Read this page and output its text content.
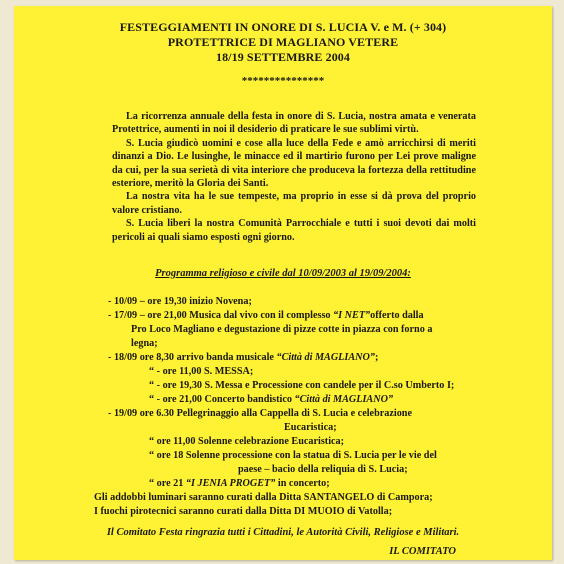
FESTEGGIAMENTI IN ONORE DI S. LUCIA V. e M. (+ 304)
PROTETTRICE DI MAGLIANO VETERE
18/19 SETTEMBRE 2004
***************

La ricorrenza annuale della festa in onore di S. Lucia, nostra amata e venerata Protettrice, aumenti in noi il desiderio di praticare le sue sublimi virtù.

S. Lucia giudicò uomini e cose alla luce della Fede e amò arricchirsi di meriti dinanzi a Dio. Le lusinghe, le minacce ed il martirio furono per Lei prove maligne da cui, per la sua serietà di vita interiore che produceva la fortezza della rettitudine esteriore, meritò la Gloria dei Santi.

La nostra vita ha le sue tempeste, ma proprio in esse si dà prova del proprio valore cristiano.

S. Lucia liberi la nostra Comunità Parrocchiale e tutti i suoi devoti dai molti pericoli ai quali siamo esposti ogni giorno.

Programma religioso e civile dal 10/09/2003 al 19/09/2004:
- 10/09 – ore 19,30 inizio Novena;
- 17/09 – ore 21,00 Musica dal vivo con il complesso “I NET”offerto dalla
Pro Loco Magliano e degustazione di pizze cotte in piazza con forno a
legna;
- 18/09 ore 8,30 arrivo banda musicale “Città di MAGLIANO”;
“ - ore 11,00 S. MESSA;
“ - ore 19,30 S. Messa e Processione con candele per il C.so Umberto I;
“ - ore 21,00 Concerto bandistico “Città di MAGLIANO”
- 19/09 ore 6.30 Pellegrinaggio alla Cappella di S. Lucia e celebrazione
Eucaristica;
“ ore 11,00 Solenne celebrazione Eucaristica;
“ ore 18 Solenne processione con la statua di S. Lucia per le vie del
paese – bacio della reliquia di S. Lucia;
“ ore 21 “I JENIA PROGET” in concerto;
Gli addobbi luminari saranno curati dalla Ditta SANTANGELO di Campora;
I fuochi pirotecnici saranno curati dalla Ditta DI MUOIO di Vatolla;
Il Comitato Festa ringrazia tutti i Cittadini, le Autorità Civili, Religiose e Militari.
IL COMITATO
